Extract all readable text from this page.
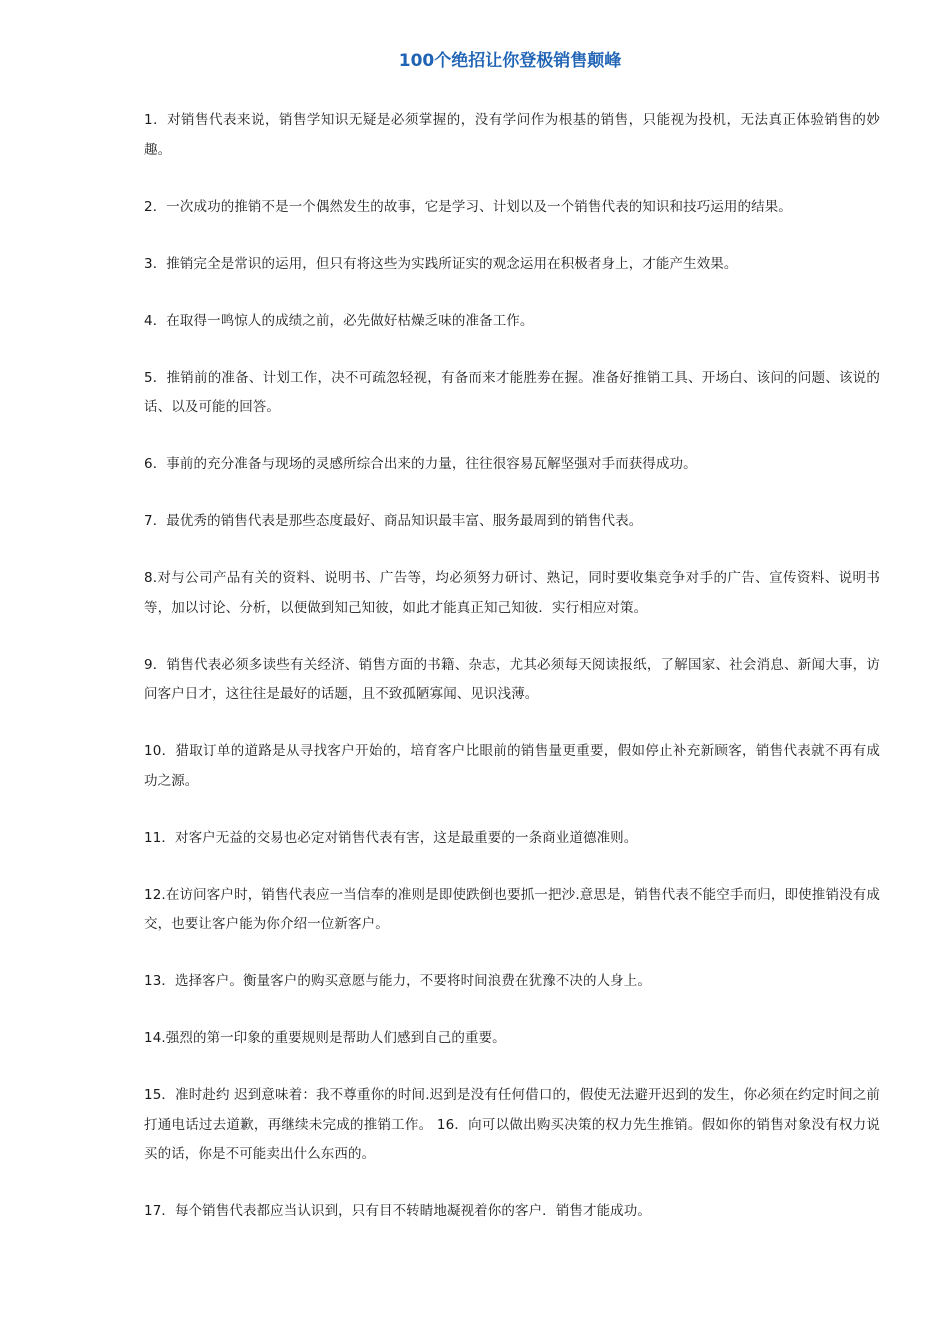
100个绝招让你登极销售颠峰

1．对销售代表来说，销售学知识无疑是必须掌握的，没有学问作为根基的销售，只能视为投机，无法真正体验销售的妙趣。

2．一次成功的推销不是一个偶然发生的故事，它是学习、计划以及一个销售代表的知识和技巧运用的结果。

3．推销完全是常识的运用，但只有将这些为实践所证实的观念运用在积极者身上，才能产生效果。

4．在取得一鸣惊人的成绩之前，必先做好枯燥乏味的准备工作。

5．推销前的准备、计划工作，决不可疏忽轻视，有备而来才能胜劵在握。准备好推销工具、开场白、该问的问题、该说的话、以及可能的回答。

6．事前的充分准备与现场的灵感所综合出来的力量，往往很容易瓦解坚强对手而获得成功。

7．最优秀的销售代表是那些态度最好、商品知识最丰富、服务最周到的销售代表。

8.对与公司产品有关的资料、说明书、广告等，均必须努力研讨、熟记，同时要收集竞争对手的广告、宣传资料、说明书等，加以讨论、分析，以便做到知己知彼，如此才能真正知己知彼．实行相应对策。

9．销售代表必须多读些有关经济、销售方面的书籍、杂志，尤其必须每天阅读报纸，了解国家、社会消息、新闻大事，访问客户日才，这往往是最好的话题，且不致孤陋寡闻、见识浅薄。

10．猎取订单的道路是从寻找客户开始的，培育客户比眼前的销售量更重要，假如停止补充新顾客，销售代表就不再有成功之源。

11．对客户无益的交易也必定对销售代表有害，这是最重要的一条商业道德准则。

12.在访问客户时，销售代表应一当信奉的准则是即使跌倒也要抓一把沙.意思是，销售代表不能空手而归，即使推销没有成交，也要让客户能为你介绍一位新客户。

13．选择客户。衡量客户的购买意愿与能力，不要将时间浪费在犹豫不决的人身上。

14.强烈的第一印象的重要规则是帮助人们感到自己的重要。

15．准时赴约 迟到意味着：我不尊重你的时间.迟到是没有任何借口的，假使无法避开迟到的发生，你必须在约定时间之前打通电话过去道歉，再继续未完成的推销工作。 16．向可以做出购买决策的权力先生推销。假如你的销售对象没有权力说买的话，你是不可能卖出什么东西的。

17．每个销售代表都应当认识到，只有目不转睛地凝视着你的客户．销售才能成功。
